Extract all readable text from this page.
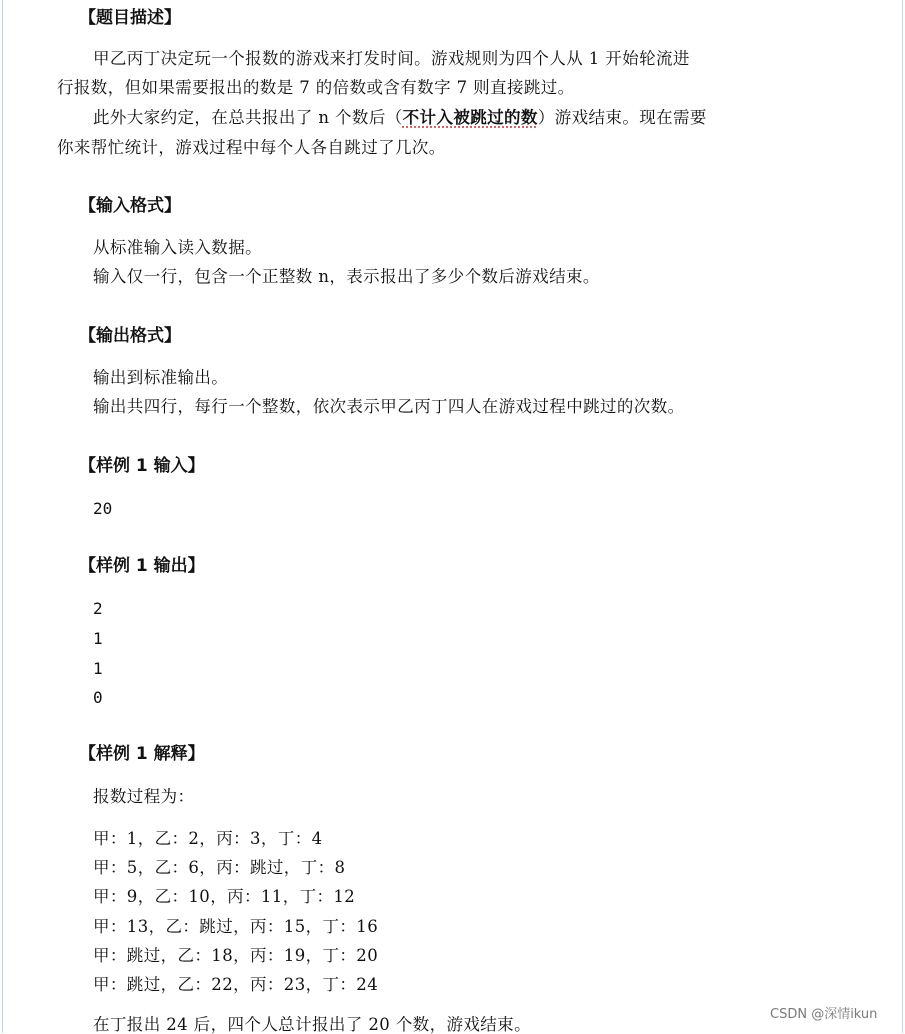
【题目描述】
甲乙丙丁决定玩一个报数的游戏来打发时间。游戏规则为四个人从 1 开始轮流进
行报数，但如果需要报出的数是 7 的倍数或含有数字 7 则直接跳过。
此外大家约定，在总共报出了 n 个数后（不计入被跳过的数）游戏结束。现在需要
你来帮忙统计，游戏过程中每个人各自跳过了几次。
【输入格式】
从标准输入读入数据。
输入仅一行，包含一个正整数 n，表示报出了多少个数后游戏结束。
【输出格式】
输出到标准输出。
输出共四行，每行一个整数，依次表示甲乙丙丁四人在游戏过程中跳过的次数。
【样例 1 输入】
20
【样例 1 输出】
2
1
1
0
【样例 1 解释】
报数过程为：
甲：1，乙：2，丙：3，丁：4
甲：5，乙：6，丙：跳过，丁：8
甲：9，乙：10，丙：11，丁：12
甲：13，乙：跳过，丙：15，丁：16
甲：跳过，乙：18，丙：19，丁：20
甲：跳过，乙：22，丙：23，丁：24
在丁报出 24 后，四个人总计报出了 20 个数，游戏结束。
CSDN @深情ikun
